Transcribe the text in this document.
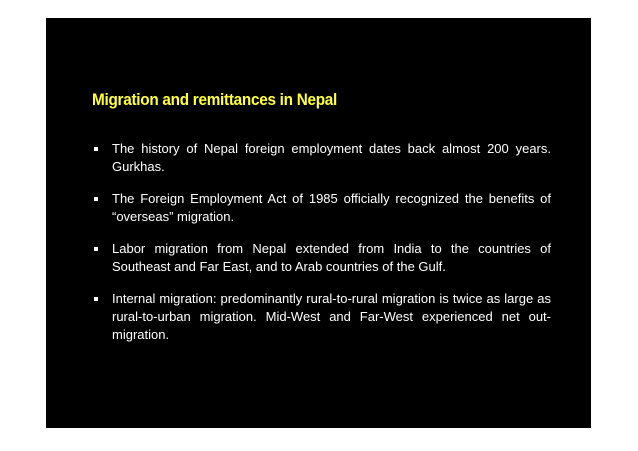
Migration and remittances in Nepal
The history of Nepal foreign employment dates back almost 200 years. Gurkhas.
The Foreign Employment Act of 1985 officially recognized the benefits of “overseas” migration.
Labor migration from Nepal extended from India to the countries of Southeast and Far East, and to Arab countries of the Gulf.
Internal migration: predominantly rural-to-rural migration is twice as large as rural-to-urban migration. Mid-West and Far-West experienced net out-migration.
